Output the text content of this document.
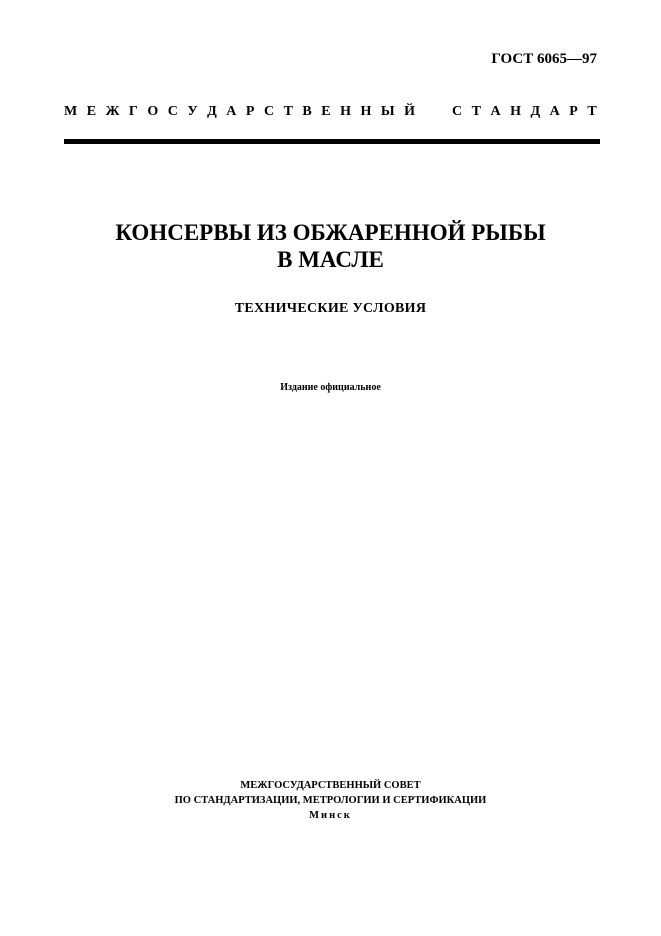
ГОСТ 6065—97
М Е Ж Г О С У Д А Р С Т В Е Н Н Ы Й	С Т А Н Д А Р Т
КОНСЕРВЫ ИЗ ОБЖАРЕННОЙ РЫБЫ
В МАСЛЕ
ТЕХНИЧЕСКИЕ УСЛОВИЯ
Издание официальное
МЕЖГОСУДАРСТВЕННЫЙ СОВЕТ
ПО СТАНДАРТИЗАЦИИ, МЕТРОЛОГИИ И СЕРТИФИКАЦИИ
Минск
